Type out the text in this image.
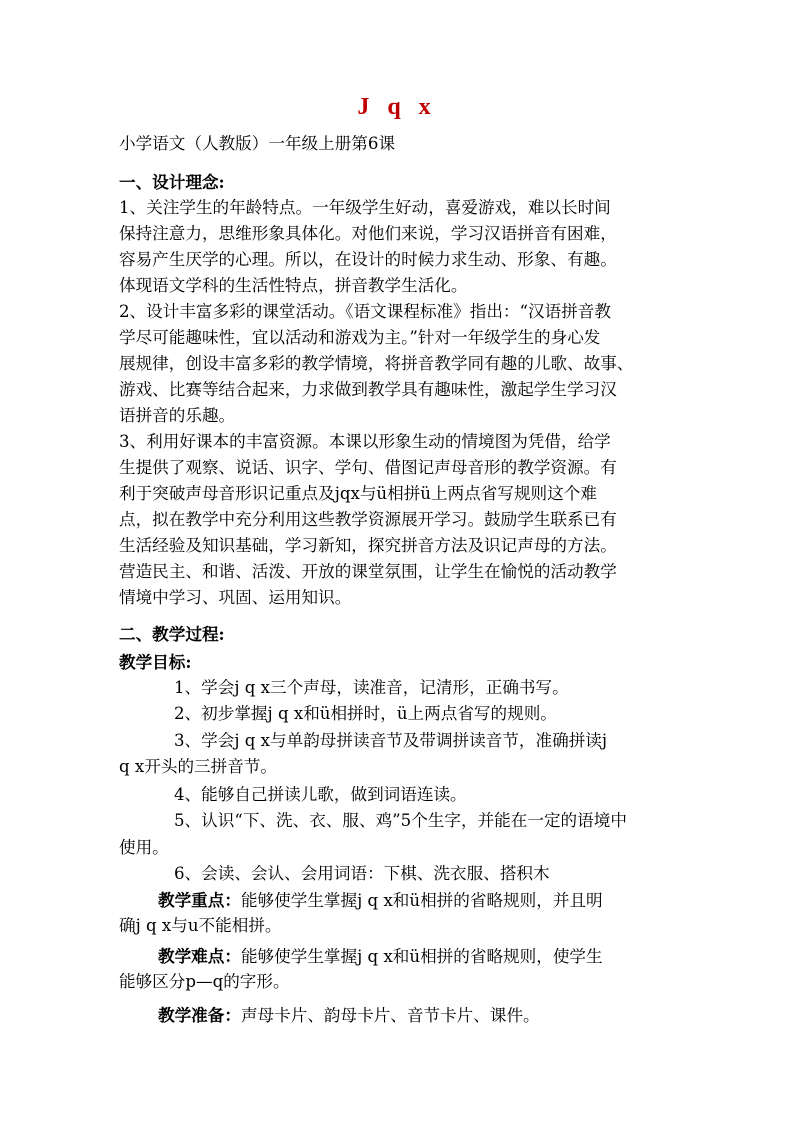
J q x
小学语文（人教版）一年级上册第6课
一、设计理念:
1、关注学生的年龄特点。一年级学生好动，喜爱游戏，难以长时间
保持注意力，思维形象具体化。对他们来说，学习汉语拼音有困难，
容易产生厌学的心理。所以，在设计的时候力求生动、形象、有趣。
体现语文学科的生活性特点，拼音教学生活化。
2、设计丰富多彩的课堂活动。《语文课程标准》指出：“汉语拼音教
学尽可能趣味性，宜以活动和游戏为主。”针对一年级学生的身心发
展规律，创设丰富多彩的教学情境，将拼音教学同有趣的儿歌、故事、
游戏、比赛等结合起来，力求做到教学具有趣味性，激起学生学习汉
语拼音的乐趣。
3、利用好课本的丰富资源。本课以形象生动的情境图为凭借，给学
生提供了观察、说话、识字、学句、借图记声母音形的教学资源。有
利于突破声母音形识记重点及jqx与ü相拼ü上两点省写规则这个难
点，拟在教学中充分利用这些教学资源展开学习。鼓励学生联系已有
生活经验及知识基础，学习新知，探究拼音方法及识记声母的方法。
营造民主、和谐、活泼、开放的课堂氛围，让学生在愉悦的活动教学
情境中学习、巩固、运用知识。
二、教学过程:
教学目标:
1、学会j q x三个声母，读准音，记清形，正确书写。
2、初步掌握j q x和ü相拼时，ü上两点省写的规则。
3、学会j q x与单韵母拼读音节及带调拼读音节，准确拼读j
q x开头的三拼音节。
4、能够自己拼读儿歌，做到词语连读。
5、认识“下、洗、衣、服、鸡”5个生字，并能在一定的语境中
使用。
6、会读、会认、会用词语：下棋、洗衣服、搭积木
教学重点：能够使学生掌握j q x和ü相拼的省略规则，并且明
确j q x与u不能相拼。
教学难点：能够使学生掌握j q x和ü相拼的省略规则，使学生
能够区分p—q的字形。
教学准备：声母卡片、韵母卡片、音节卡片、课件。
